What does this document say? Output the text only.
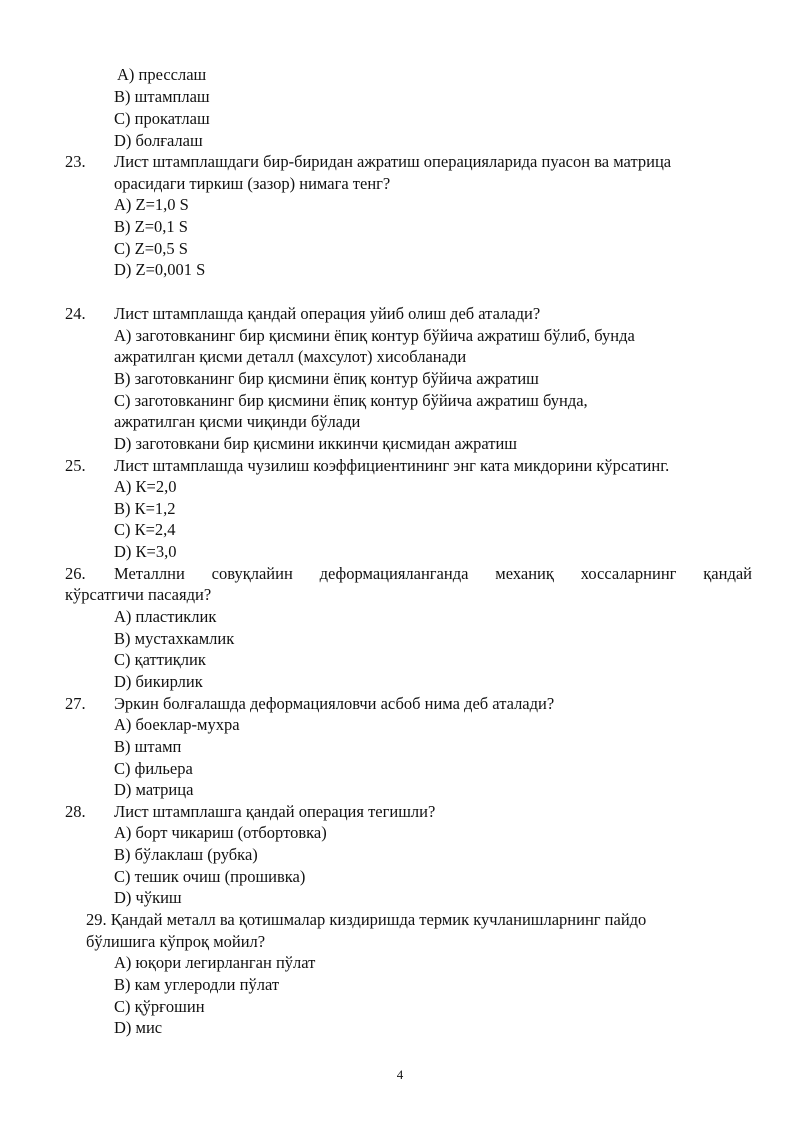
А) пресслаш
В) штамплаш
С) прокатлаш
D) болғалаш
23. Лист штамплашдаги бир-биридан ажратиш операцияларида пуасон ва матрица
орасидаги тиркиш (зазор) нимага тенг?
А) Z=1,0 S
В) Z=0,1 S
С) Z=0,5 S
D) Z=0,001 S
24. Лист штамплашда қандай операция уйиб олиш деб аталади?
А) заготовканинг бир қисмини ёпиқ контур бўйича ажратиш бўлиб, бунда
ажратилган қисми деталл (махсулот) хисобланади
В) заготовканинг бир қисмини ёпиқ контур бўйича ажратиш
С) заготовканинг бир қисмини ёпиқ контур бўйича ажратиш бунда,
ажратилган қисми чиқинди бўлади
D) заготовкани бир қисмини иккинчи қисмидан ажратиш
25. Лист штамплашда чузилиш коэффициентининг энг ката микдорини кўрсатинг.
А) К=2,0
В) К=1,2
С) К=2,4
D) К=3,0
26. Металлни совуқлайин деформацияланганда механиқ хоссаларнинг қандай
кўрсатгичи пасаяди?
А) пластиклик
В) мустахкамлик
С) қаттиқлик
D) бикирлик
27. Эркин болғалашда деформацияловчи асбоб нима деб аталади?
А) боеклар-мухра
В) штамп
С) фильера
D) матрица
28. Лист штамплашга қандай операция тегишли?
А) борт чикариш (отбортовка)
В) бўлаклаш (рубка)
С) тешик очиш (прошивка)
D) чўкиш
29. Қандай металл ва қотишмалар киздиришда термик кучланишларнинг пайдо
бўлишига кўпроқ мойил?
А) юқори легирланган пўлат
В) кам углеродли пўлат
С) қўрғошин
D) мис
4
